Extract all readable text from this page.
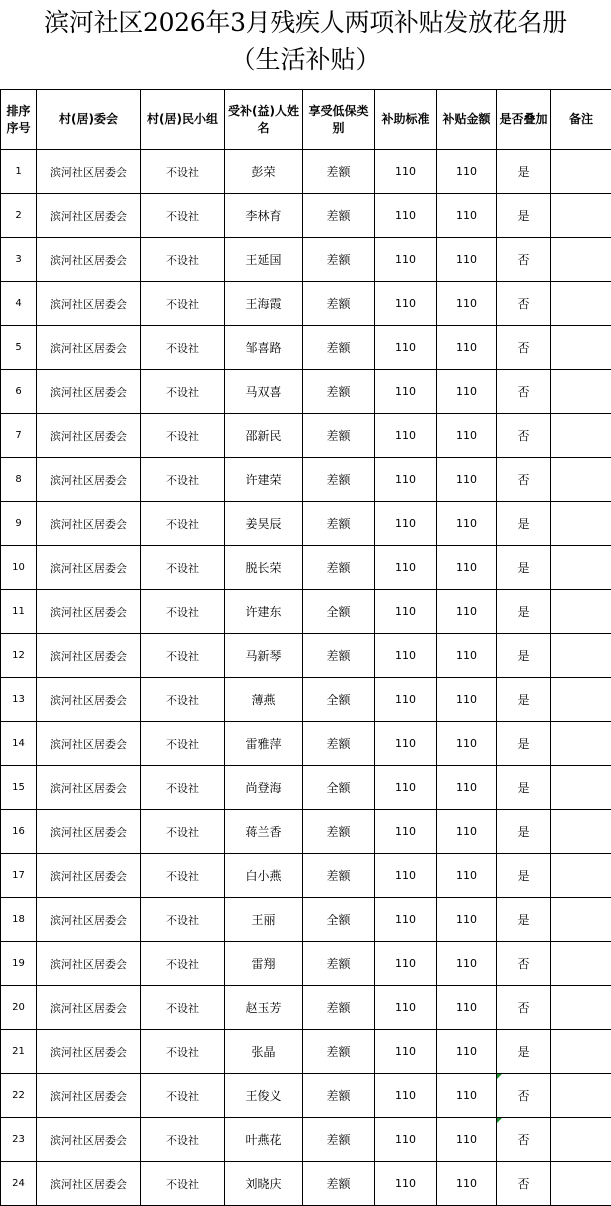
滨河社区2026年3月残疾人两项补贴发放花名册
（生活补贴）
排序序号	村(居)委会	村(居)民小组	受补(益)人姓名	享受低保类别	补助标准	补贴金额	是否叠加	备注
1	滨河社区居委会	不设社	彭荣	差额	110	110	是	
2	滨河社区居委会	不设社	李林育	差额	110	110	是	
3	滨河社区居委会	不设社	王延国	差额	110	110	否	
4	滨河社区居委会	不设社	王海霞	差额	110	110	否	
5	滨河社区居委会	不设社	邹喜路	差额	110	110	否	
6	滨河社区居委会	不设社	马双喜	差额	110	110	否	
7	滨河社区居委会	不设社	邵新民	差额	110	110	否	
8	滨河社区居委会	不设社	许建荣	差额	110	110	否	
9	滨河社区居委会	不设社	姜昊辰	差额	110	110	是	
10	滨河社区居委会	不设社	脱长荣	差额	110	110	是	
11	滨河社区居委会	不设社	许建东	全额	110	110	是	
12	滨河社区居委会	不设社	马新琴	差额	110	110	是	
13	滨河社区居委会	不设社	薄燕	全额	110	110	是	
14	滨河社区居委会	不设社	雷雅萍	差额	110	110	是	
15	滨河社区居委会	不设社	尚登海	全额	110	110	是	
16	滨河社区居委会	不设社	蒋兰香	差额	110	110	是	
17	滨河社区居委会	不设社	白小燕	差额	110	110	是	
18	滨河社区居委会	不设社	王丽	全额	110	110	是	
19	滨河社区居委会	不设社	雷翔	差额	110	110	否	
20	滨河社区居委会	不设社	赵玉芳	差额	110	110	否	
21	滨河社区居委会	不设社	张晶	差额	110	110	是	
22	滨河社区居委会	不设社	王俊义	差额	110	110	否	
23	滨河社区居委会	不设社	叶燕花	差额	110	110	否	
24	滨河社区居委会	不设社	刘晓庆	差额	110	110	否	
